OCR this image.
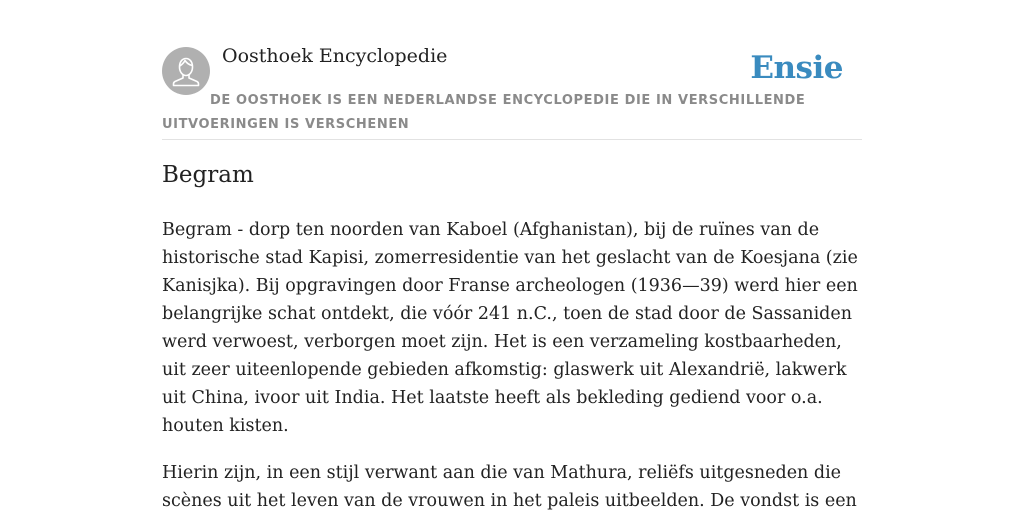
Oosthoek Encyclopedie	Ensie
DE OOSTHOEK IS EEN NEDERLANDSE ENCYCLOPEDIE DIE IN VERSCHILLENDE UITVOERINGEN IS VERSCHENEN
Begram

Begram - dorp ten noorden van Kaboel (Afghanistan), bij de ruïnes van de historische stad Kapisi, zomerresidentie van het geslacht van de Koesjana (zie Kanisjka). Bij opgravingen door Franse archeologen (1936—39) werd hier een belangrijke schat ontdekt, die vóór 241 n.C., toen de stad door de Sassaniden werd verwoest, verborgen moet zijn. Het is een verzameling kostbaarheden, uit zeer uiteenlopende gebieden afkomstig: glaswerk uit Alexandrië, lakwerk uit China, ivoor uit India. Het laatste heeft als bekleding gediend voor o.a. houten kisten.

Hierin zijn, in een stijl verwant aan die van Mathura, reliëfs uitgesneden die scènes uit het leven van de vrouwen in het paleis uitbeelden. De vondst is een
